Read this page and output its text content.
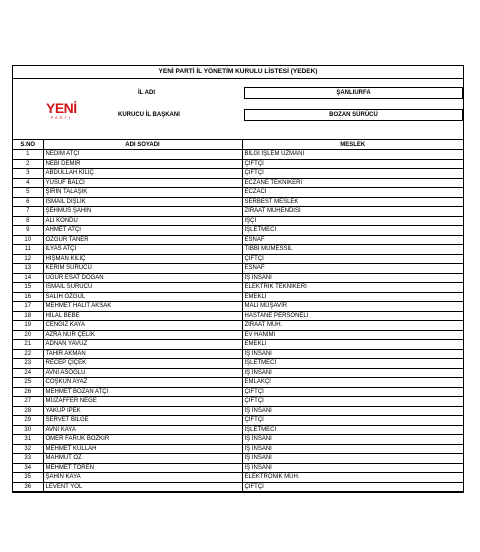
YENİ PARTİ İL YÖNETİM KURULU LİSTESİ (YEDEK)
YENİ
PARTİ
İL ADI	ŞANLIURFA
KURUCU İL BAŞKANI	BOZAN SÜRÜCÜ
S.NO	ADI SOYADI	MESLEK
1	NEDİM ATÇI	BİLGİ İŞLEM UZMANI
2	NEBİ DEMİR	ÇİFTÇİ
3	ABDULLAH KILIÇ	ÇİFTÇİ
4	YUSUF BALCI	ECZANE TEKNİKERİ
5	ŞİRİN TALAŞIK	ECZACI
6	İSMAİL DİŞLİK	SERBEST MESLEK
7	ŞEHMUS ŞAHİN	ZİRAAT MÜHENDİSİ
8	ALİ KONDU	İŞÇİ
9	AHMET ATÇI	İŞLETMECİ
10	ÖZGÜR TANER	ESNAF
11	İLYAS ATÇI	TIBBİ MÜMESSİL
12	HIŞMAN KILIÇ	ÇİFTÇİ
13	KERİM SÜRÜCÜ	ESNAF
14	UĞUR ESAT DOĞAN	İŞ İNSANI
15	İSMAİL SÜRÜCÜ	ELEKTRİK TEKNİKERİ
16	SALİH ÖZGÜL	EMEKLİ
17	MEHMET HALİT AKSAK	MALİ MÜŞAVİR
18	HİLAL BEBE	HASTANE PERSONELİ
19	CENGİZ KAYA	ZİRAAT MÜH.
20	AZRA NUR ÇELİK	EV HANIMI
21	ADNAN YAVUZ	EMEKLİ
22	TAHİR AKMAN	İŞ İNSANI
23	RECEP ÇİÇEK	İŞLETMECİ
24	AVNİ ASOĞLU	İŞ İNSANI
25	COŞKUN AYAZ	EMLAKÇI
26	MEHMET BOZAN ATÇI	ÇİFTÇİ
27	MUZAFFER NEGE	ÇİFTÇİ
28	YAKUP İPEK	İŞ İNSANI
29	SERVET BİLGE	ÇİFTÇİ
30	AVNİ KAYA	İŞLETMECİ
31	ÖMER FARUK BOZKIR	İŞ İNSANI
32	MEHMET KÜLLAH	İŞ İNSANI
33	MAHMUT ÖZ	İŞ İNSANI
34	MEHMET TÖREN	İŞ İNSANI
35	ŞAHİN KAYA	ELEKTRONİK MÜH.
36	LEVENT YOL	ÇİFTÇİ
